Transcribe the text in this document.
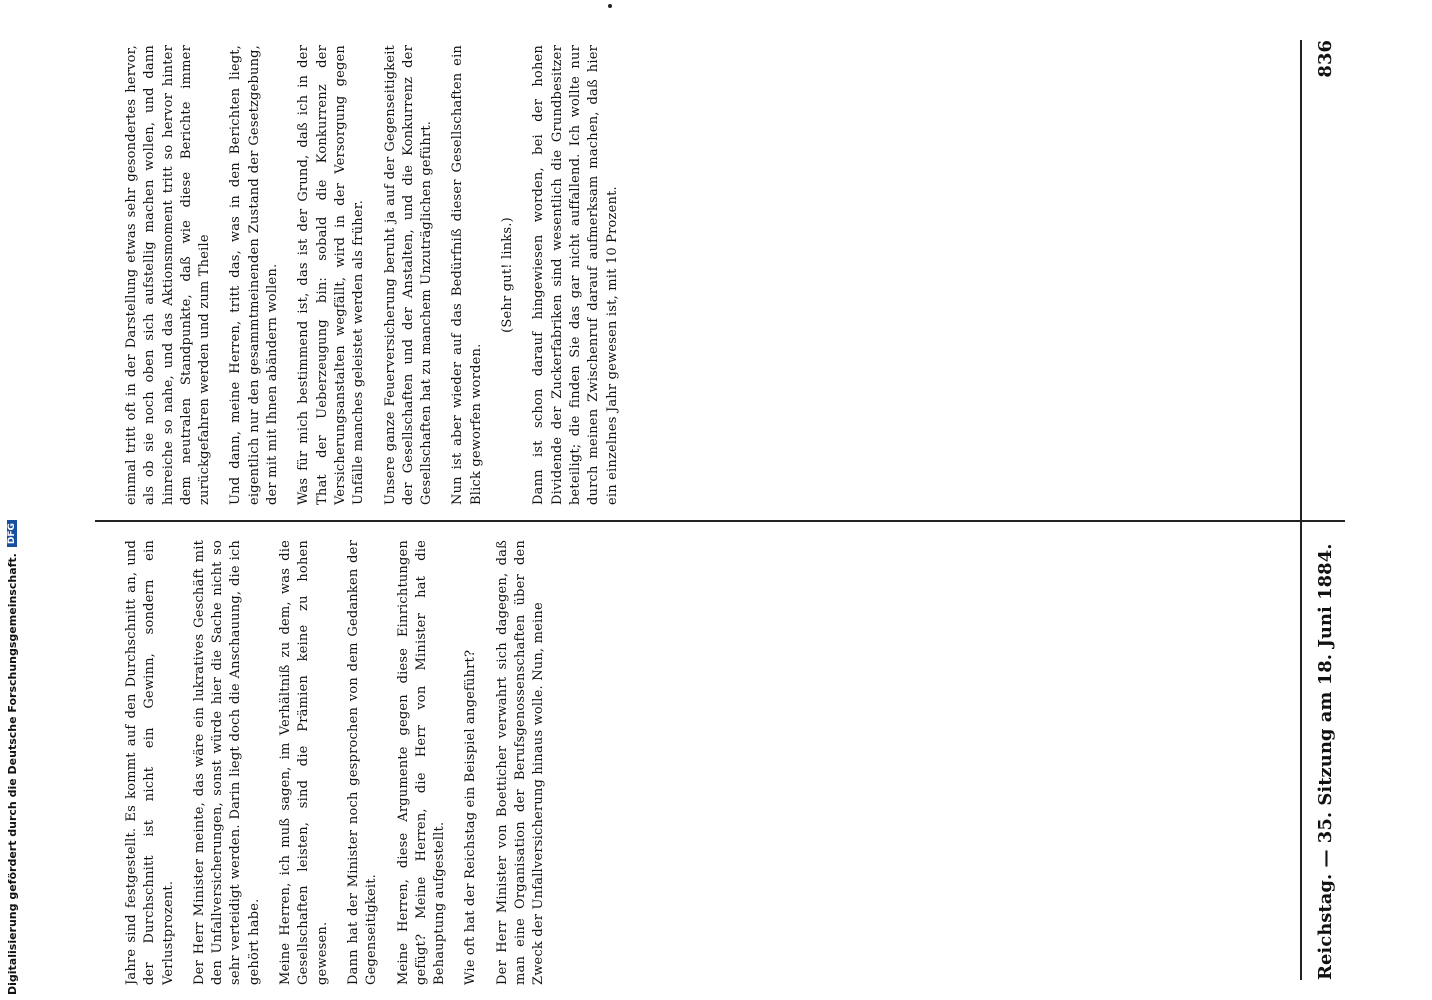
Reichstag. — 35. Sitzung am 18. Juni 1884.
836

Jahre sind festgestellt. Es kommt auf den Durchschnitt an, und der Durchschnitt ist nicht ein Gewinn, sondern ein Verlustprozent. Der Herr Minister meinte, das wäre ein lukratives Geschäft mit den Unfallversicherungen, sonst würde hier die Sache nicht so sehr verteidigt werden. Darin liegt doch die Anschauung, die ich gehört habe. Meine Herren, ich muß sagen, im Verhältniß zu dem, was die Gesellschaften leisten, sind die Prämien keine zu hohen gewesen. Dann hat der Minister noch gesprochen von dem Gedanken der Gegenseitigkeit. Meine Herren, diese Argumente gegen diese Einrichtungen gefügt? Meine Herren, die Herr von Minister hat die Behauptung aufgestellt. Wie oft hat der Reichstag ein Beispiel angeführt? Der Herr Minister von Boetticher verwahrt sich dagegen, daß man eine Organisation der Berufsgenossenschaften über den Zweck der Unfallversicherung hinaus wolle. Nun, meine

einmal tritt oft in der Darstellung etwas sehr gesondertes hervor, als ob sie noch oben sich aufstellig machen wollen, und dann hinreiche so nahe, und das Aktionsmoment tritt so hervor hinter dem neutralen Standpunkte, daß wie diese Berichte immer zurückgefahren werden und zum Theile Und dann, meine Herren, tritt das, was in den Berichten liegt, eigentlich nur den gesammtmeinenden Zustand der Gesetzgebung, der mit mit Ihnen abändern wollen. Was für mich bestimmend ist, das ist der Grund, daß ich in der That der Ueberzeugung bin: sobald die Konkurrenz der Versicherungsanstalten wegfällt, wird in der Versorgung gegen Unfälle manches geleistet werden als früher. Unsere ganze Feuerversicherung beruht ja auf der Gegenseitigkeit der Gesellschaften und der Anstalten, und die Konkurrenz der Gesellschaften hat zu manchem Unzuträglichen geführt. Nun ist aber wieder auf das Bedürfniß dieser Gesellschaften ein Blick geworfen worden.

(Sehr gut! links.) Dann ist schon darauf hingewiesen worden, bei der hohen Dividende der Zuckerfabriken sind wesentlich die Grundbesitzer beteiligt; die finden Sie das gar nicht auffallend. Ich wollte nur durch meinen Zwischenruf darauf aufmerksam machen, daß hier ein einzelnes Jahr gewesen ist, mit 10 Prozent.

Digitalisierung gefördert durch die Deutsche Forschungsgemeinschaft.
DFG
